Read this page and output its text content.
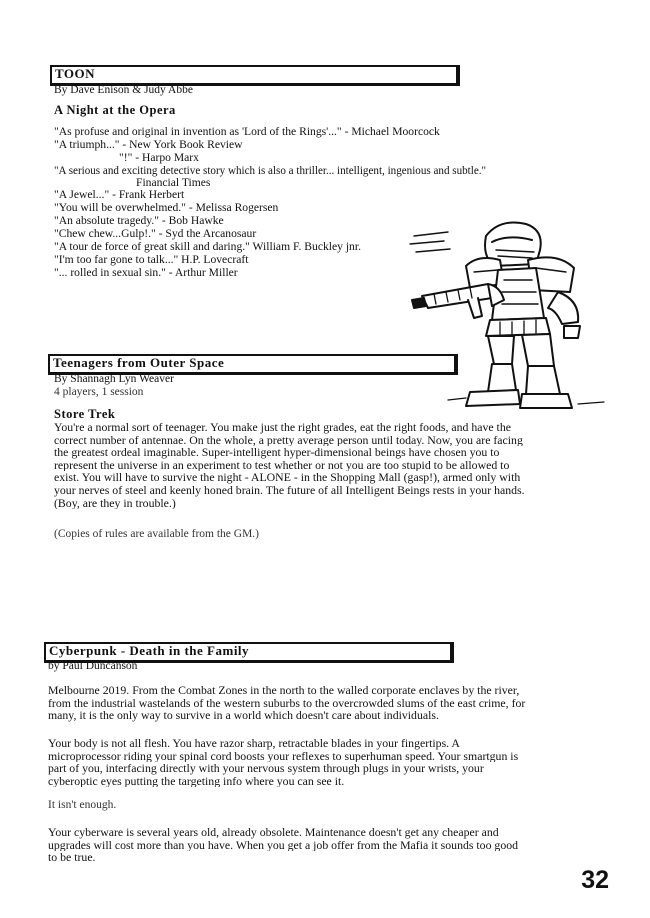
TOON
By Dave Enison & Judy Abbe
A Night at the Opera
"As profuse and original in invention as 'Lord of the Rings'..." - Michael Moorcock
"A triumph..." - New York Book Review
"!" - Harpo Marx
"A serious and exciting detective story which is also a thriller... intelligent, ingenious and subtle."
Financial Times
"A Jewel..." - Frank Herbert
"You will be overwhelmed." - Melissa Rogersen
"An absolute tragedy." - Bob Hawke
"Chew chew...Gulp!." - Syd the Arcanosaur
"A tour de force of great skill and daring." William F. Buckley jnr.
"I'm too far gone to talk..." H.P. Lovecraft
"... rolled in sexual sin." - Arthur Miller
Teenagers from Outer Space
By Shannagh Lyn Weaver
4 players, 1 session
Store Trek
You're a normal sort of teenager. You make just the right grades, eat the right foods, and have the
correct number of antennae. On the whole, a pretty average person until today. Now, you are facing
the greatest ordeal imaginable. Super-intelligent hyper-dimensional beings have chosen you to
represent the universe in an experiment to test whether or not you are too stupid to be allowed to
exist. You will have to survive the night - ALONE - in the Shopping Mall (gasp!), armed only with
your nerves of steel and keenly honed brain. The future of all Intelligent Beings rests in your hands.
(Boy, are they in trouble.)
(Copies of rules are available from the GM.)
Cyberpunk - Death in the Family
by Paul Duncanson
Melbourne 2019. From the Combat Zones in the north to the walled corporate enclaves by the river,
from the industrial wastelands of the western suburbs to the overcrowded slums of the east crime, for
many, it is the only way to survive in a world which doesn't care about individuals.
Your body is not all flesh. You have razor sharp, retractable blades in your fingertips. A
microprocessor riding your spinal cord boosts your reflexes to superhuman speed. Your smartgun is
part of you, interfacing directly with your nervous system through plugs in your wrists, your
cyberoptic eyes putting the targeting info where you can see it.
It isn't enough.
Your cyberware is several years old, already obsolete. Maintenance doesn't get any cheaper and
upgrades will cost more than you have. When you get a job offer from the Mafia it sounds too good
to be true.
32
